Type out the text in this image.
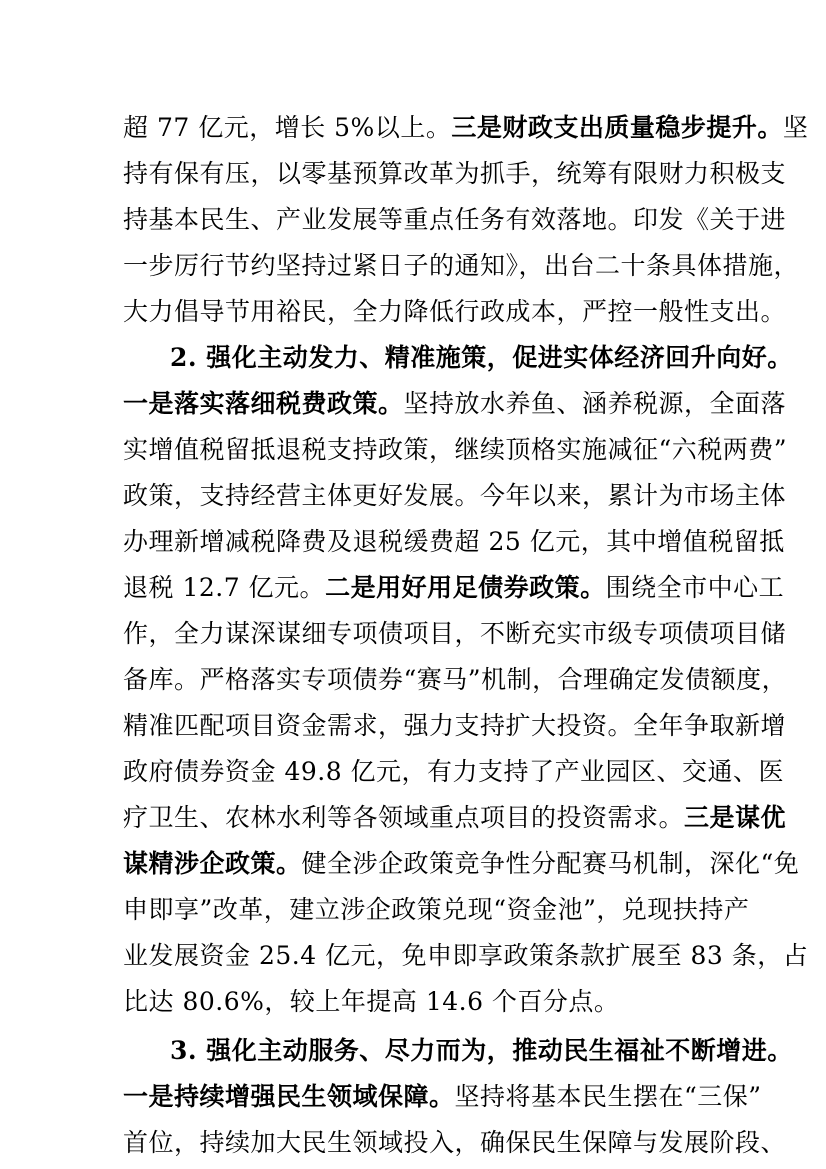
超 77 亿元，增长 5%以上。三是财政支出质量稳步提升。坚
持有保有压，以零基预算改革为抓手，统筹有限财力积极支
持基本民生、产业发展等重点任务有效落地。印发《关于进
一步厉行节约坚持过紧日子的通知》，出台二十条具体措施，
大力倡导节用裕民，全力降低行政成本，严控一般性支出。
2. 强化主动发力、精准施策，促进实体经济回升向好。
一是落实落细税费政策。坚持放水养鱼、涵养税源，全面落
实增值税留抵退税支持政策，继续顶格实施减征“六税两费”
政策，支持经营主体更好发展。今年以来，累计为市场主体
办理新增减税降费及退税缓费超 25 亿元，其中增值税留抵
退税 12.7 亿元。二是用好用足债券政策。围绕全市中心工
作，全力谋深谋细专项债项目，不断充实市级专项债项目储
备库。严格落实专项债券“赛马”机制，合理确定发债额度，
精准匹配项目资金需求，强力支持扩大投资。全年争取新增
政府债券资金 49.8 亿元，有力支持了产业园区、交通、医
疗卫生、农林水利等各领域重点项目的投资需求。三是谋优
谋精涉企政策。健全涉企政策竞争性分配赛马机制，深化“免
申即享”改革，建立涉企政策兑现“资金池”，兑现扶持产
业发展资金 25.4 亿元，免申即享政策条款扩展至 83 条，占
比达 80.6%，较上年提高 14.6 个百分点。
3. 强化主动服务、尽力而为，推动民生福祉不断增进。
一是持续增强民生领域保障。坚持将基本民生摆在“三保”
首位，持续加大民生领域投入，确保民生保障与发展阶段、
